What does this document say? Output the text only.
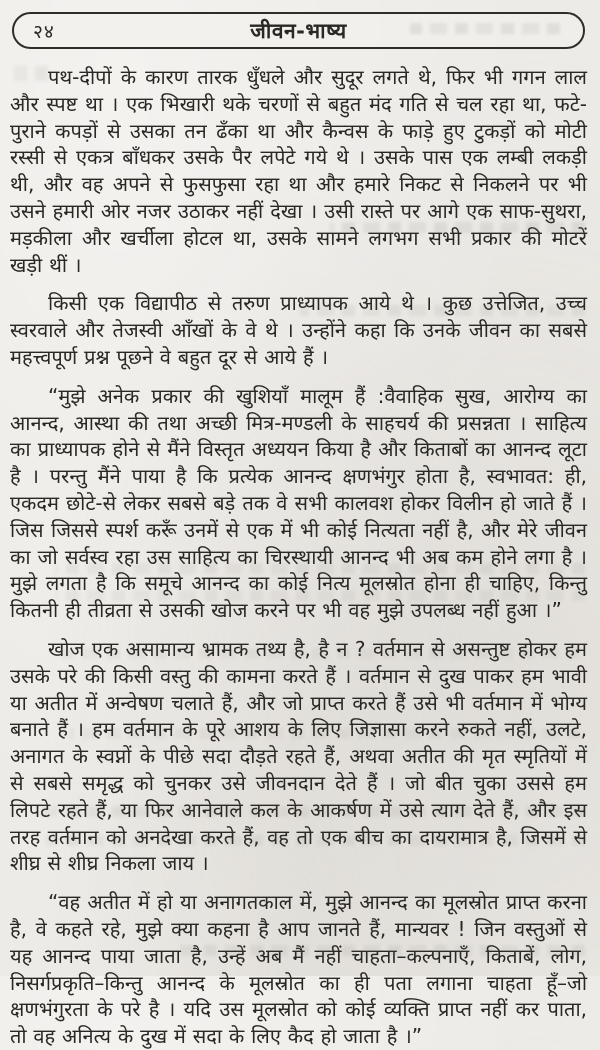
२४	जीवन-भाष्य

पथ-दीपों के कारण तारक धुँधले और सुदूर लगते थे, फिर भी गगन लाल और स्पष्ट था । एक भिखारी थके चरणों से बहुत मंद गति से चल रहा था, फटे-पुराने कपड़ों से उसका तन ढँका था और कैन्वस के फाड़े हुए टुकड़ों को मोटी रस्सी से एकत्र बाँधकर उसके पैर लपेटे गये थे । उसके पास एक लम्बी लकड़ी थी, और वह अपने से फुसफुसा रहा था और हमारे निकट से निकलने पर भी उसने हमारी ओर नजर उठाकर नहीं देखा । उसी रास्ते पर आगे एक साफ-सुथरा, मड़कीला और खर्चीला होटल था, उसके सामने लगभग सभी प्रकार की मोटरें खड़ी थीं ।

किसी एक विद्यापीठ से तरुण प्राध्यापक आये थे । कुछ उत्तेजित, उच्च स्वरवाले और तेजस्वी आँखों के वे थे । उन्होंने कहा कि उनके जीवन का सबसे महत्त्वपूर्ण प्रश्न पूछने वे बहुत दूर से आये हैं ।

“मुझे अनेक प्रकार की खुशियाँ मालूम हैं :वैवाहिक सुख, आरोग्य का आनन्द, आस्था की तथा अच्छी मित्र-मण्डली के साहचर्य की प्रसन्नता । साहित्य का प्राध्यापक होने से मैंने विस्तृत अध्ययन किया है और किताबों का आनन्द लूटा है । परन्तु मैंने पाया है कि प्रत्येक आनन्द क्षणभंगुर होता है, स्वभावत: ही, एकदम छोटे-से लेकर सबसे बड़े तक वे सभी कालवश होकर विलीन हो जाते हैं । जिस जिससे स्पर्श करूँ उनमें से एक में भी कोई नित्यता नहीं है, और मेरे जीवन का जो सर्वस्व रहा उस साहित्य का चिरस्थायी आनन्द भी अब कम होने लगा है । मुझे लगता है कि समूचे आनन्द का कोई नित्य मूलस्रोत होना ही चाहिए, किन्तु कितनी ही तीव्रता से उसकी खोज करने पर भी वह मुझे उपलब्ध नहीं हुआ ।”

खोज एक असामान्य भ्रामक तथ्य है, है न ? वर्तमान से असन्तुष्ट होकर हम उसके परे की किसी वस्तु की कामना करते हैं । वर्तमान से दुख पाकर हम भावी या अतीत में अन्वेषण चलाते हैं, और जो प्राप्त करते हैं उसे भी वर्तमान में भोग्य बनाते हैं । हम वर्तमान के पूरे आशय के लिए जिज्ञासा करने रुकते नहीं, उलटे, अनागत के स्वप्नों के पीछे सदा दौड़ते रहते हैं, अथवा अतीत की मृत स्मृतियों में से सबसे समृद्ध को चुनकर उसे जीवनदान देते हैं । जो बीत चुका उससे हम लिपटे रहते हैं, या फिर आनेवाले कल के आकर्षण में उसे त्याग देते हैं, और इस तरह वर्तमान को अनदेखा करते हैं, वह तो एक बीच का दायरामात्र है, जिसमें से शीघ्र से शीघ्र निकला जाय ।

“वह अतीत में हो या अनागतकाल में, मुझे आनन्द का मूलस्रोत प्राप्त करना है, वे कहते रहे, मुझे क्या कहना है आप जानते हैं, मान्यवर ! जिन वस्तुओं से यह आनन्द पाया जाता है, उन्हें अब मैं नहीं चाहता–कल्पनाएँ, किताबें, लोग, निसर्गप्रकृति–किन्तु आनन्द के मूलस्रोत का ही पता लगाना चाहता हूँ–जो क्षणभंगुरता के परे है । यदि उस मूलस्रोत को कोई व्यक्ति प्राप्त नहीं कर पाता, तो वह अनित्य के दुख में सदा के लिए कैद हो जाता है ।”
